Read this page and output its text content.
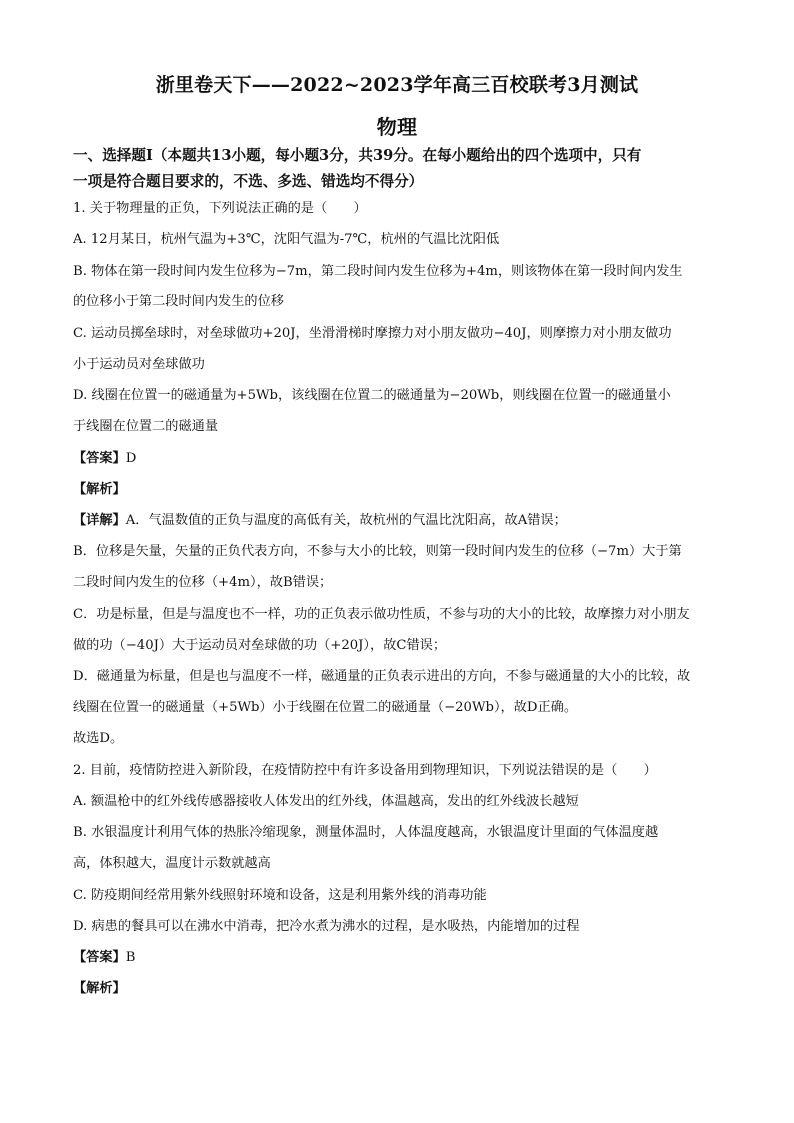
浙里卷天下——2022~2023学年高三百校联考3月测试
物理
一、选择题Ⅰ（本题共13小题，每小题3分，共39分。在每小题给出的四个选项中，只有
一项是符合题目要求的，不选、多选、错选均不得分）
1. 关于物理量的正负，下列说法正确的是（　　）
A. 12月某日，杭州气温为+3℃，沈阳气温为-7℃，杭州的气温比沈阳低
B. 物体在第一段时间内发生位移为−7m，第二段时间内发生位移为+4m，则该物体在第一段时间内发生
的位移小于第二段时间内发生的位移
C. 运动员掷垒球时，对垒球做功+20J，坐滑滑梯时摩擦力对小朋友做功−40J，则摩擦力对小朋友做功
小于运动员对垒球做功
D. 线圈在位置一的磁通量为+5Wb，该线圈在位置二的磁通量为−20Wb，则线圈在位置一的磁通量小
于线圈在位置二的磁通量
【答案】D
【解析】
【详解】A．气温数值的正负与温度的高低有关，故杭州的气温比沈阳高，故A错误；
B．位移是矢量，矢量的正负代表方向，不参与大小的比较，则第一段时间内发生的位移（−7m）大于第
二段时间内发生的位移（+4m），故B错误；
C．功是标量，但是与温度也不一样，功的正负表示做功性质，不参与功的大小的比较，故摩擦力对小朋友
做的功（−40J）大于运动员对垒球做的功（+20J），故C错误；
D．磁通量为标量，但是也与温度不一样，磁通量的正负表示进出的方向，不参与磁通量的大小的比较，故
线圈在位置一的磁通量（+5Wb）小于线圈在位置二的磁通量（−20Wb），故D正确。
故选D。
2. 目前，疫情防控进入新阶段，在疫情防控中有许多设备用到物理知识，下列说法错误的是（　　）
A. 额温枪中的红外线传感器接收人体发出的红外线，体温越高，发出的红外线波长越短
B. 水银温度计利用气体的热胀冷缩现象，测量体温时，人体温度越高，水银温度计里面的气体温度越
高，体积越大，温度计示数就越高
C. 防疫期间经常用紫外线照射环境和设备，这是利用紫外线的消毒功能
D. 病患的餐具可以在沸水中消毒，把冷水煮为沸水的过程，是水吸热，内能增加的过程
【答案】B
【解析】
